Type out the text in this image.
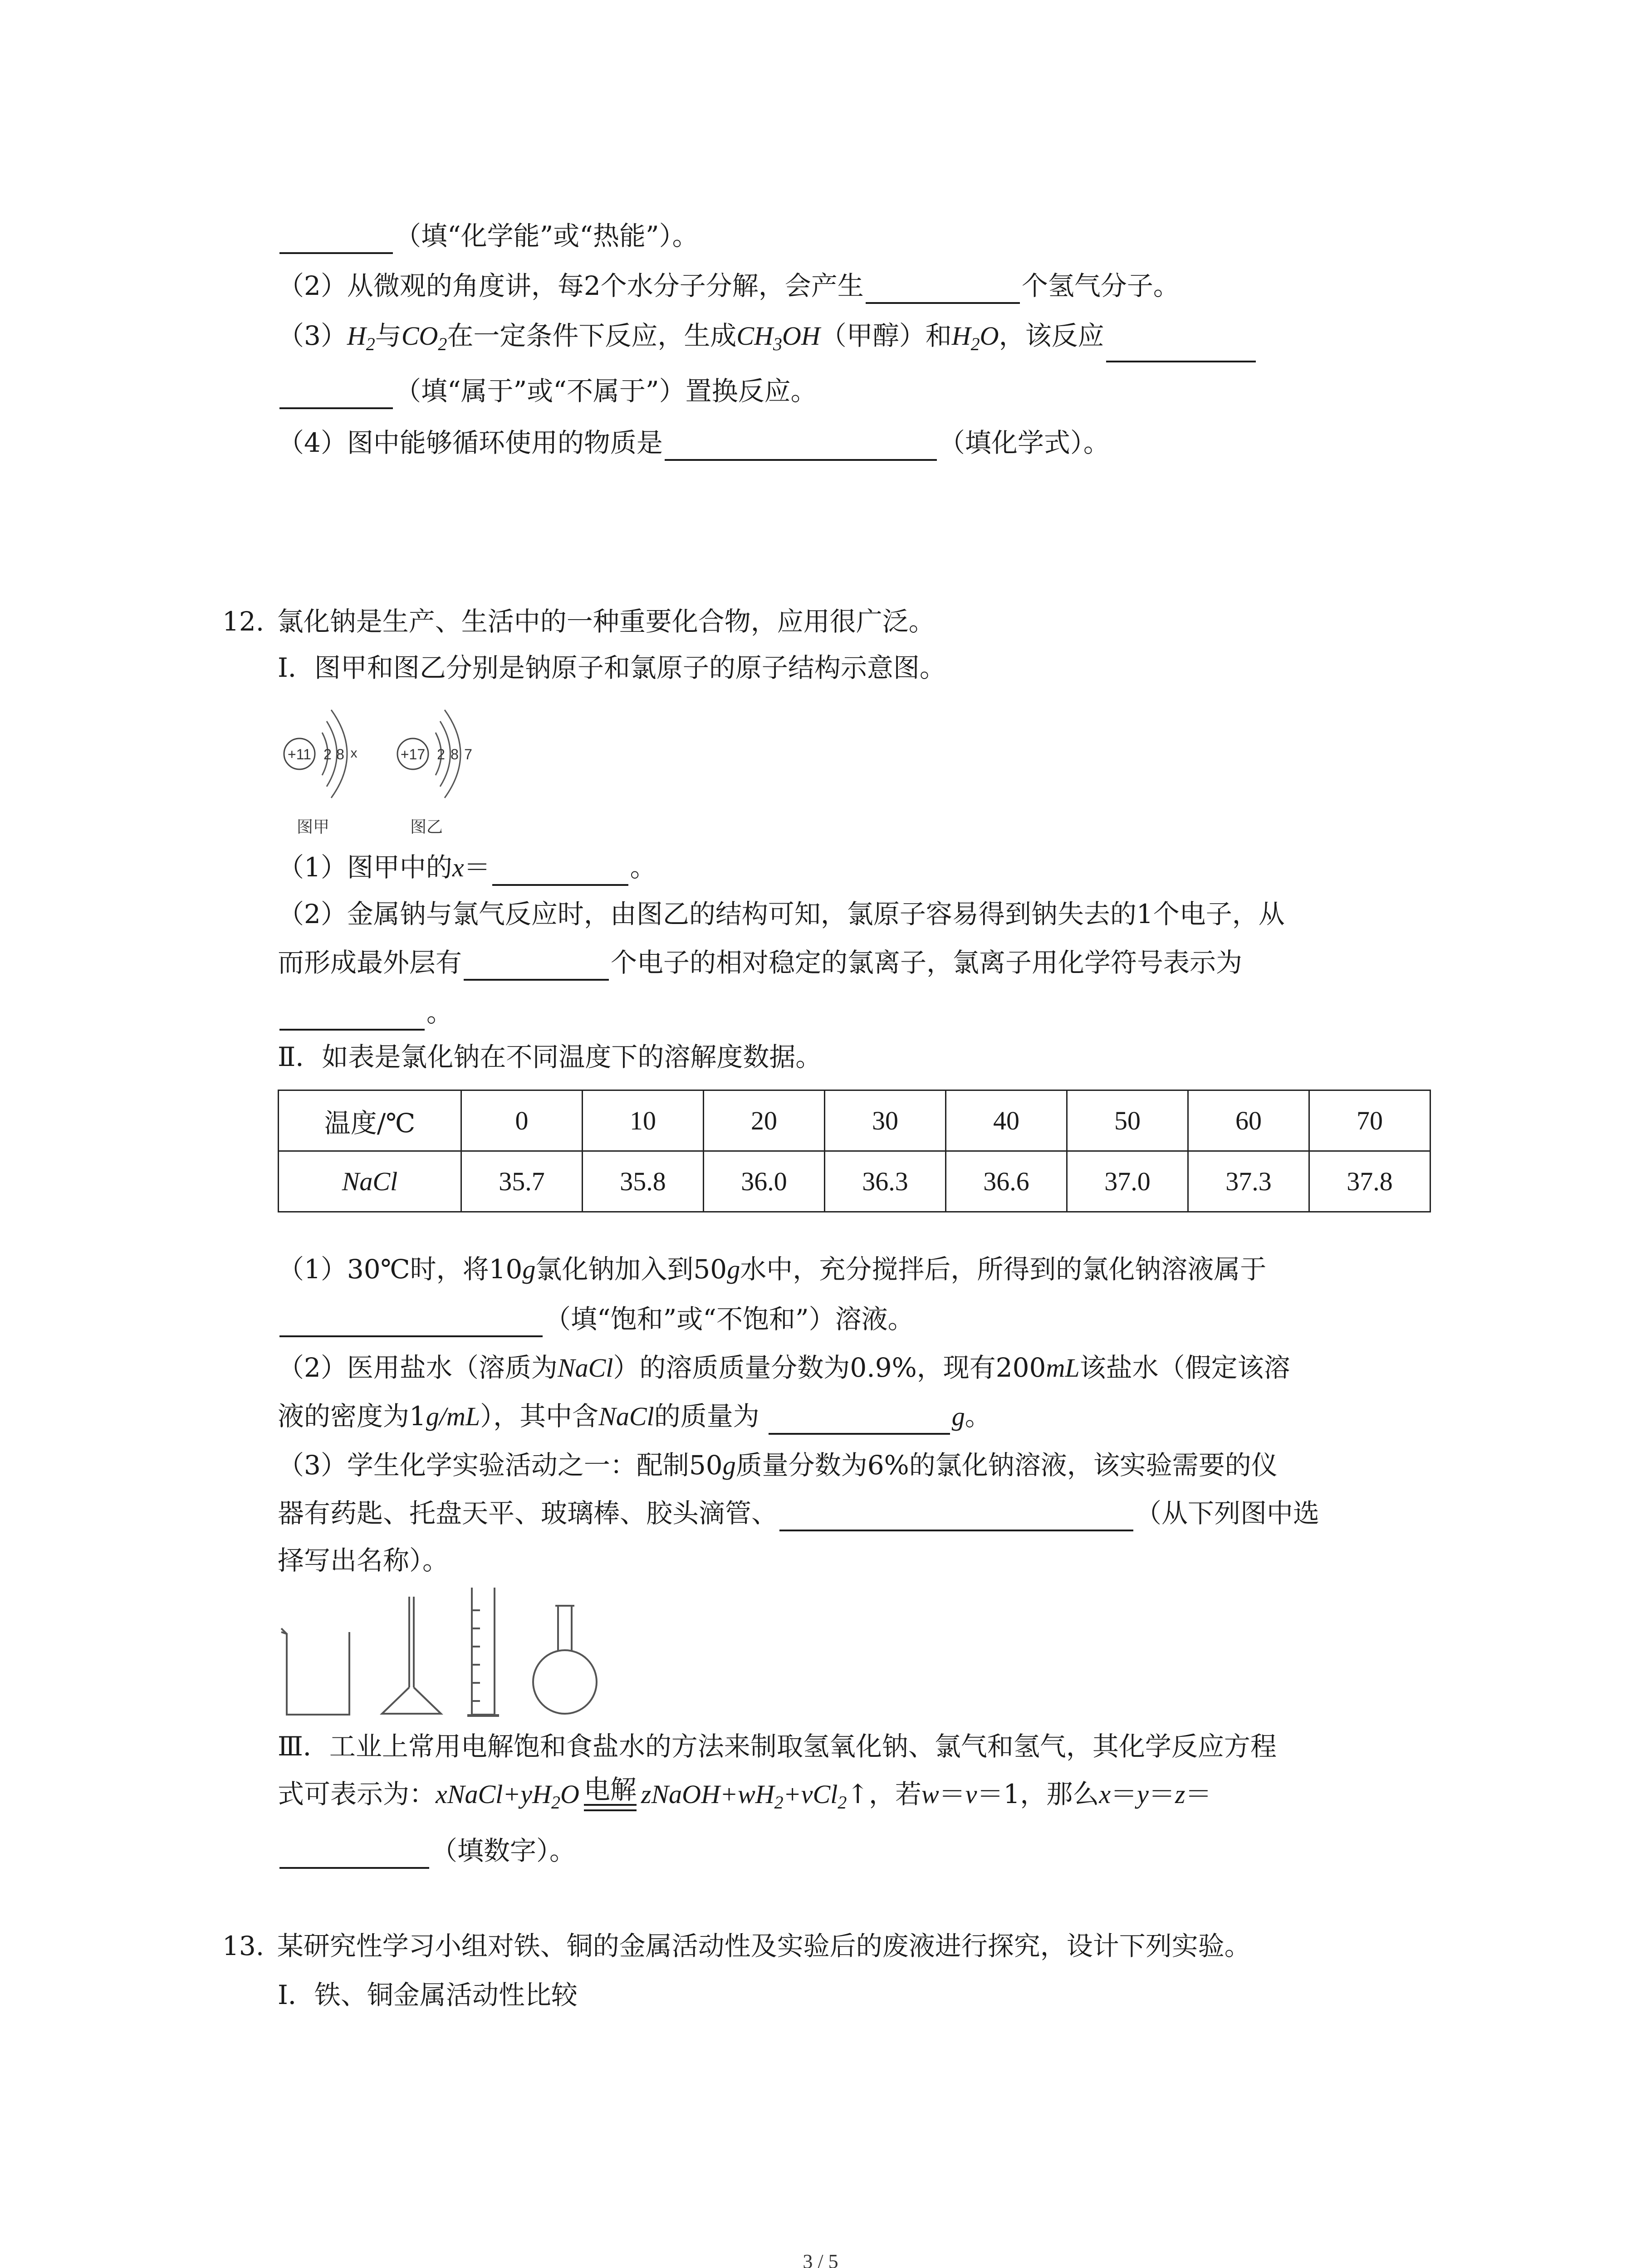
（填“化学能”或“热能”）。
（2）从微观的角度讲，每2个水分子分解，会产生	个氢气分子。
$(3)H_2$与$CO_2$在一定条件下反应，生成$CH_3OH$（甲醇）和$H_2O$，该反应
（填“属于”或“不属于”）置换反应。
（4）图中能够循环使用的物质是	（填化学式）。
12. 氯化钠是生产、生活中的一种重要化合物，应用很广泛。
Ⅰ．图甲和图乙分别是钠原子和氯原子的原子结构示意图。
+11 2 8 x
图甲
+17 2 8 7
图乙
（1）图甲中的x＝	。
（2）金属钠与氯气反应时，由图乙的结构可知，氯原子容易得到钠失去的1个电子，从
而形成最外层有	个电子的相对稳定的氯离子，氯离子用化学符号表示为
。
Ⅱ．如表是氯化钠在不同温度下的溶解度数据。
温度/℃	0	10	20	30	40	50	60	70
NaCl	35.7	35.8	36.0	36.3	36.6	37.0	37.3	37.8
（1）30℃时，将10g氯化钠加入到50g水中，充分搅拌后，所得到的氯化钠溶液属于
（填“饱和”或“不饱和”）溶液。
（2）医用盐水（溶质为NaCl）的溶质质量分数为0.9%，现有200mL该盐水（假定该溶
液的密度为1g/mL），其中含NaCl的质量为	g。
（3）学生化学实验活动之一：配制50g质量分数为6%的氯化钠溶液，该实验需要的仪
器有药匙、托盘天平、玻璃棒、胶头滴管、	（从下列图中选
择写出名称）。
Ⅲ．工业上常用电解饱和食盐水的方法来制取氢氧化钠、氯气和氢气，其化学反应方程
式可表示为：$xNaCl+yH_2O$ 电解 $zNaOH+wH_2+vCl_2↑$，若w＝v＝1，那么x＝y＝z＝
（填数字）。
13. 某研究性学习小组对铁、铜的金属活动性及实验后的废液进行探究，设计下列实验。
Ⅰ．铁、铜金属活动性比较
3 / 5
